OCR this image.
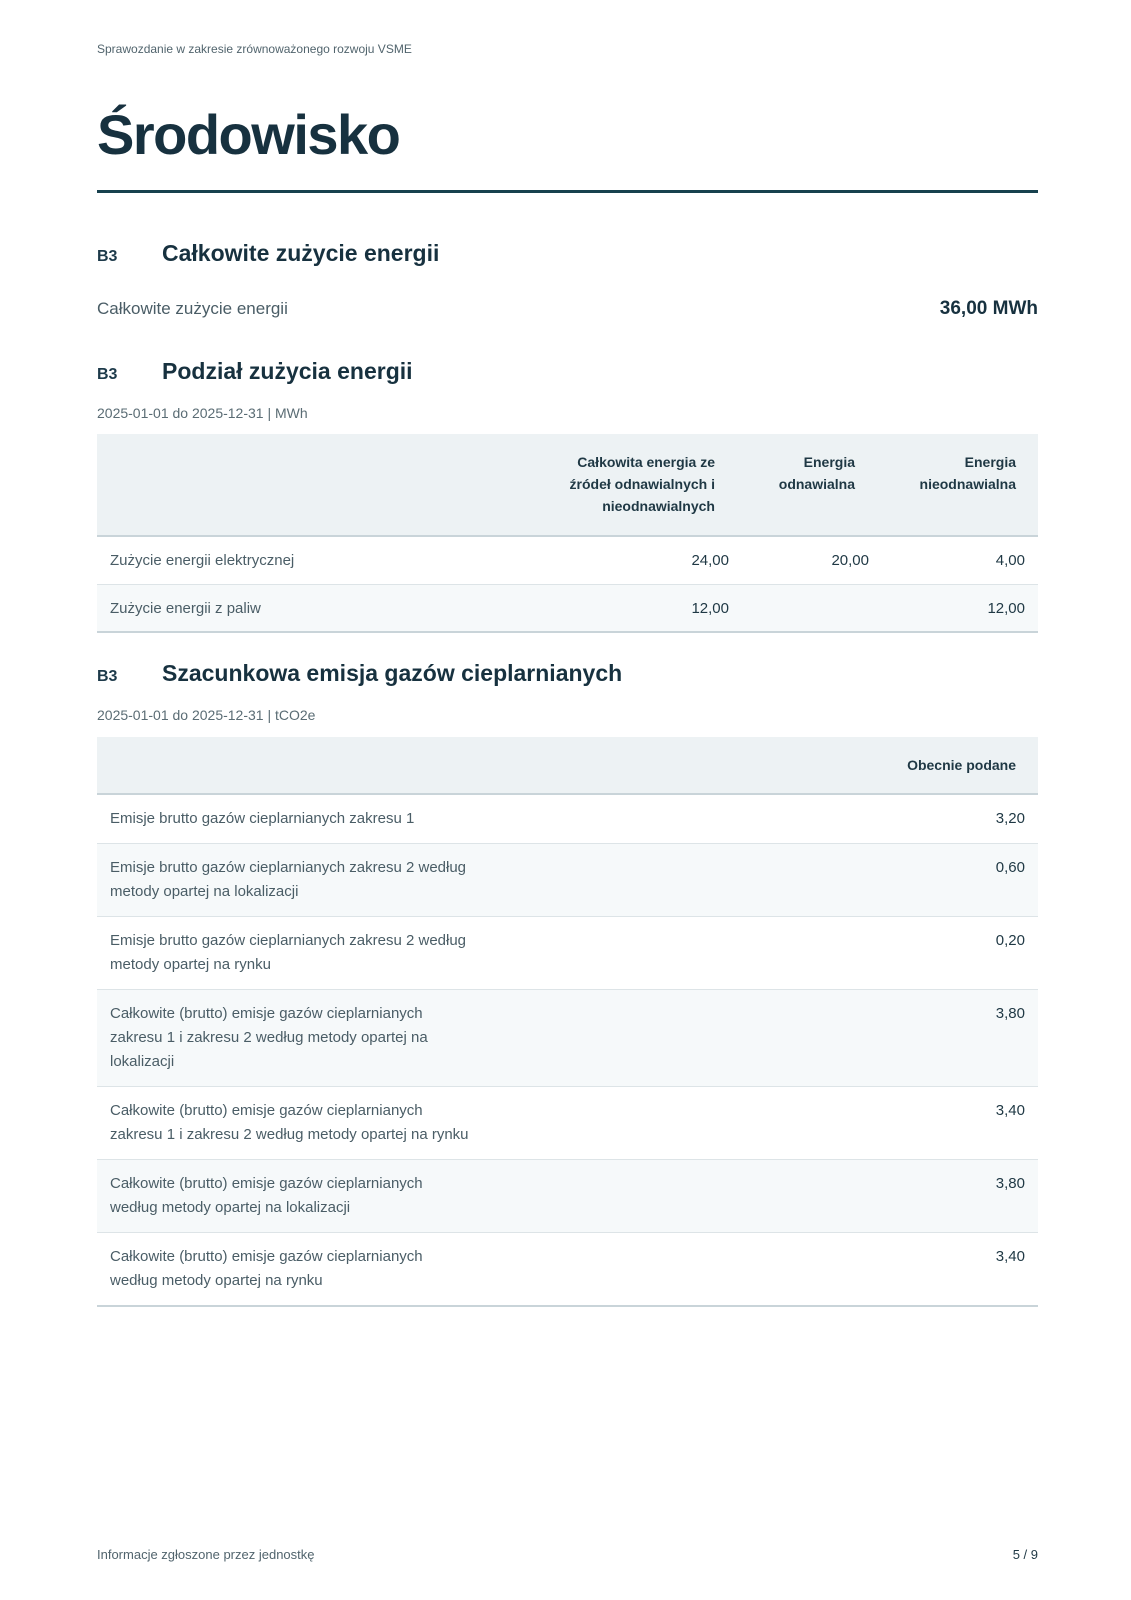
Sprawozdanie w zakresie zrównoważonego rozwoju VSME
Środowisko
B3	Całkowite zużycie energii
Całkowite zużycie energii	36,00 MWh
B3	Podział zużycia energii
2025-01-01 do 2025-12-31 | MWh
	Całkowita energia ze źródeł odnawialnych i nieodnawialnych	Energia odnawialna	Energia nieodnawialna
Zużycie energii elektrycznej	24,00	20,00	4,00
Zużycie energii z paliw	12,00		12,00
B3	Szacunkowa emisja gazów cieplarnianych
2025-01-01 do 2025-12-31 | tCO2e
	Obecnie podane
Emisje brutto gazów cieplarnianych zakresu 1	3,20
Emisje brutto gazów cieplarnianych zakresu 2 według metody opartej na lokalizacji	0,60
Emisje brutto gazów cieplarnianych zakresu 2 według metody opartej na rynku	0,20
Całkowite (brutto) emisje gazów cieplarnianych zakresu 1 i zakresu 2 według metody opartej na lokalizacji	3,80
Całkowite (brutto) emisje gazów cieplarnianych zakresu 1 i zakresu 2 według metody opartej na rynku	3,40
Całkowite (brutto) emisje gazów cieplarnianych według metody opartej na lokalizacji	3,80
Całkowite (brutto) emisje gazów cieplarnianych według metody opartej na rynku	3,40
Informacje zgłoszone przez jednostkę	5 / 9
